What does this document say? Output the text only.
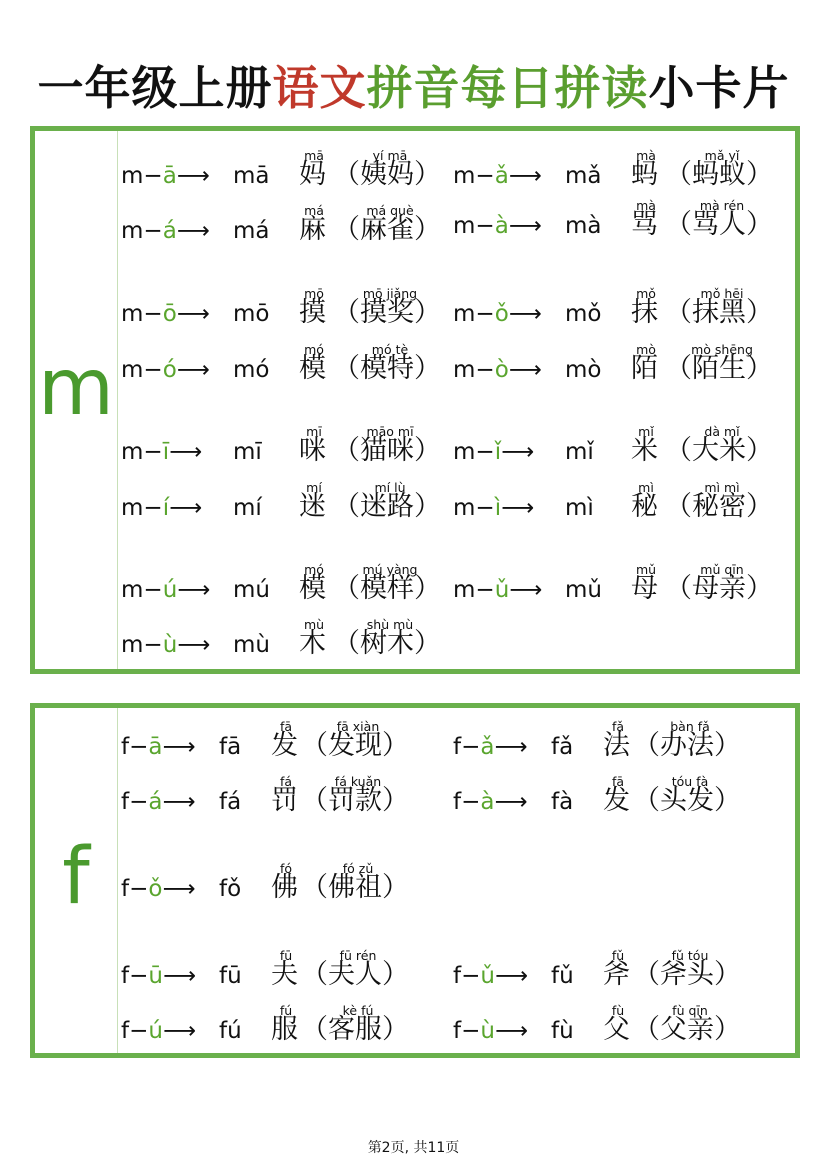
一年级上册语文拼音每日拼读小卡片
m
m−ā⟶ mā
mā
妈
yí mā
（姨妈） m−ǎ⟶ mǎ
mà
蚂
mǎ yǐ
（蚂蚁）
m−á⟶ má
má
麻
má què
（麻雀） m−à⟶ mà
mà
骂
mà rén
（骂人）
m−ō⟶ mō
mō
摸
mō jiǎng
（摸奖） m−ǒ⟶ mǒ
mǒ
抹
mǒ hēi
（抹黑）
m−ó⟶ mó
mó
模
mó tè
（模特） m−ò⟶ mò
mò
陌
mò shēng
（陌生）
m−ī⟶ mī
mī
咪
māo mī
（猫咪） m−ǐ⟶ mǐ
mǐ
米
dà mǐ
（大米）
m−í⟶ mí
mí
迷
mí lù
（迷路） m−ì⟶ mì
mì
秘
mì mì
（秘密）
m−ú⟶ mú
mó
模
mú yàng
（模样） m−ǔ⟶ mǔ
mǔ
母
mǔ qīn
（母亲）
m−ù⟶ mù
mù
木
shù mù
（树木）
f
f−ā⟶ fā
fā
发
fā xiàn
（发现） f−ǎ⟶ fǎ
fǎ
法
bàn fǎ
（办法）
f−á⟶ fá
fá
罚
fá kuǎn
（罚款） f−à⟶ fà
fā
发
tóu fà
（头发）
f−ǒ⟶ fǒ
fó
佛
fó zǔ
（佛祖）
f−ū⟶ fū
fū
夫
fū rén
（夫人） f−ǔ⟶ fǔ
fǔ
斧
fǔ tóu
（斧头）
f−ú⟶ fú
fú
服
kè fú
（客服） f−ù⟶ fù
fù
父
fù qīn
（父亲）
第2页, 共11页
